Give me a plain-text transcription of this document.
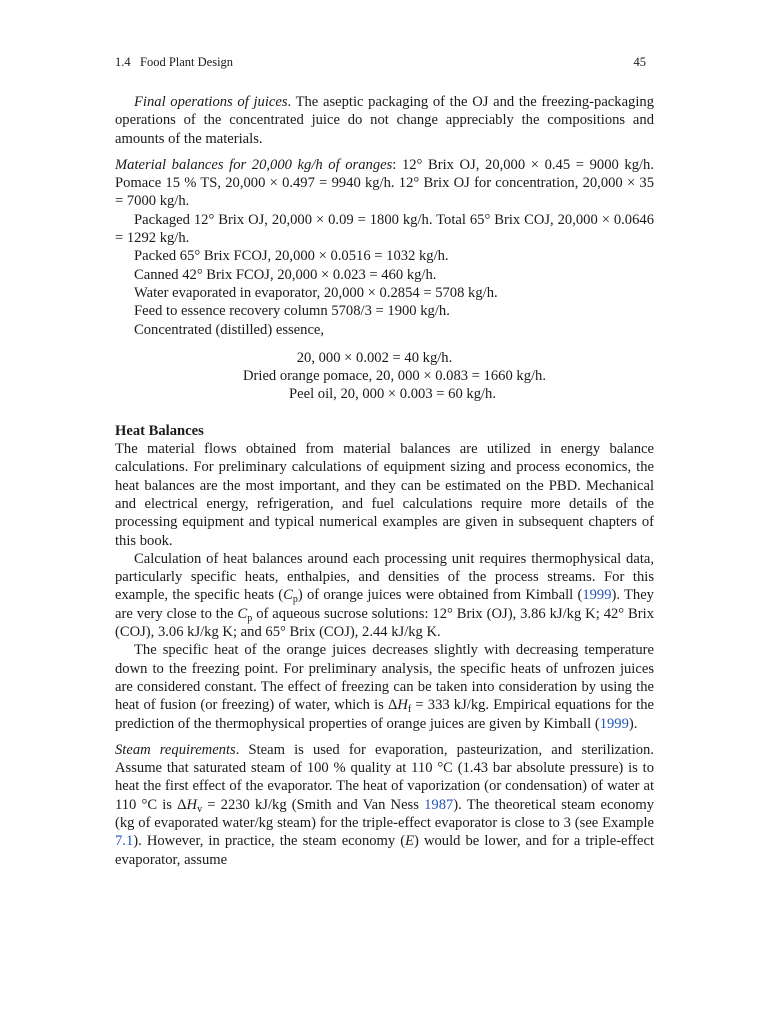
1.4 Food Plant Design	45

Final operations of juices. The aseptic packaging of the OJ and the freezing-packaging operations of the concentrated juice do not change appreciably the compositions and amounts of the materials.

Material balances for 20,000 kg/h of oranges: 12° Brix OJ, 20,000 × 0.45 = 9000 kg/h. Pomace 15 % TS, 20,000 × 0.497 = 9940 kg/h. 12° Brix OJ for concentration, 20,000 × 35 = 7000 kg/h.

Packaged 12° Brix OJ, 20,000 × 0.09 = 1800 kg/h. Total 65° Brix COJ, 20,000 × 0.0646 = 1292 kg/h.

Packed 65° Brix FCOJ, 20,000 × 0.0516 = 1032 kg/h.

Canned 42° Brix FCOJ, 20,000 × 0.023 = 460 kg/h.

Water evaporated in evaporator, 20,000 × 0.2854 = 5708 kg/h.

Feed to essence recovery column 5708/3 = 1900 kg/h.

Concentrated (distilled) essence,

20, 000 × 0.002 = 40 kg/h.
Dried orange pomace, 20, 000 × 0.083 = 1660 kg/h.
Peel oil, 20, 000 × 0.003 = 60 kg/h.
Heat Balances

The material flows obtained from material balances are utilized in energy balance calculations. For preliminary calculations of equipment sizing and process economics, the heat balances are the most important, and they can be estimated on the PBD. Mechanical and electrical energy, refrigeration, and fuel calculations require more details of the processing equipment and typical numerical examples are given in subsequent chapters of this book.

Calculation of heat balances around each processing unit requires thermophysical data, particularly specific heats, enthalpies, and densities of the process streams. For this example, the specific heats $(C_p)$ of orange juices were obtained from Kimball (1999). They are very close to the $C_p$ of aqueous sucrose solutions: 12° Brix (OJ), 3.86 kJ/kg K; 42° Brix (COJ), 3.06 kJ/kg K; and 65° Brix (COJ), 2.44 kJ/kg K.

The specific heat of the orange juices decreases slightly with decreasing temperature down to the freezing point. For preliminary analysis, the specific heats of unfrozen juices are considered constant. The effect of freezing can be taken into consideration by using the heat of fusion (or freezing) of water, which is $\Delta H_f = 333$ kJ/kg. Empirical equations for the prediction of the thermophysical properties of orange juices are given by Kimball (1999).

Steam requirements. Steam is used for evaporation, pasteurization, and sterilization. Assume that saturated steam of 100 % quality at 110 °C (1.43 bar absolute pressure) is to heat the first effect of the evaporator. The heat of vaporization (or condensation) of water at 110 °C is $\Delta H_v = 2230$ kJ/kg (Smith and Van Ness 1987). The theoretical steam economy (kg of evaporated water/kg steam) for the triple-effect evaporator is close to 3 (see Example 7.1). However, in practice, the steam economy (E) would be lower, and for a triple-effect evaporator, assume
